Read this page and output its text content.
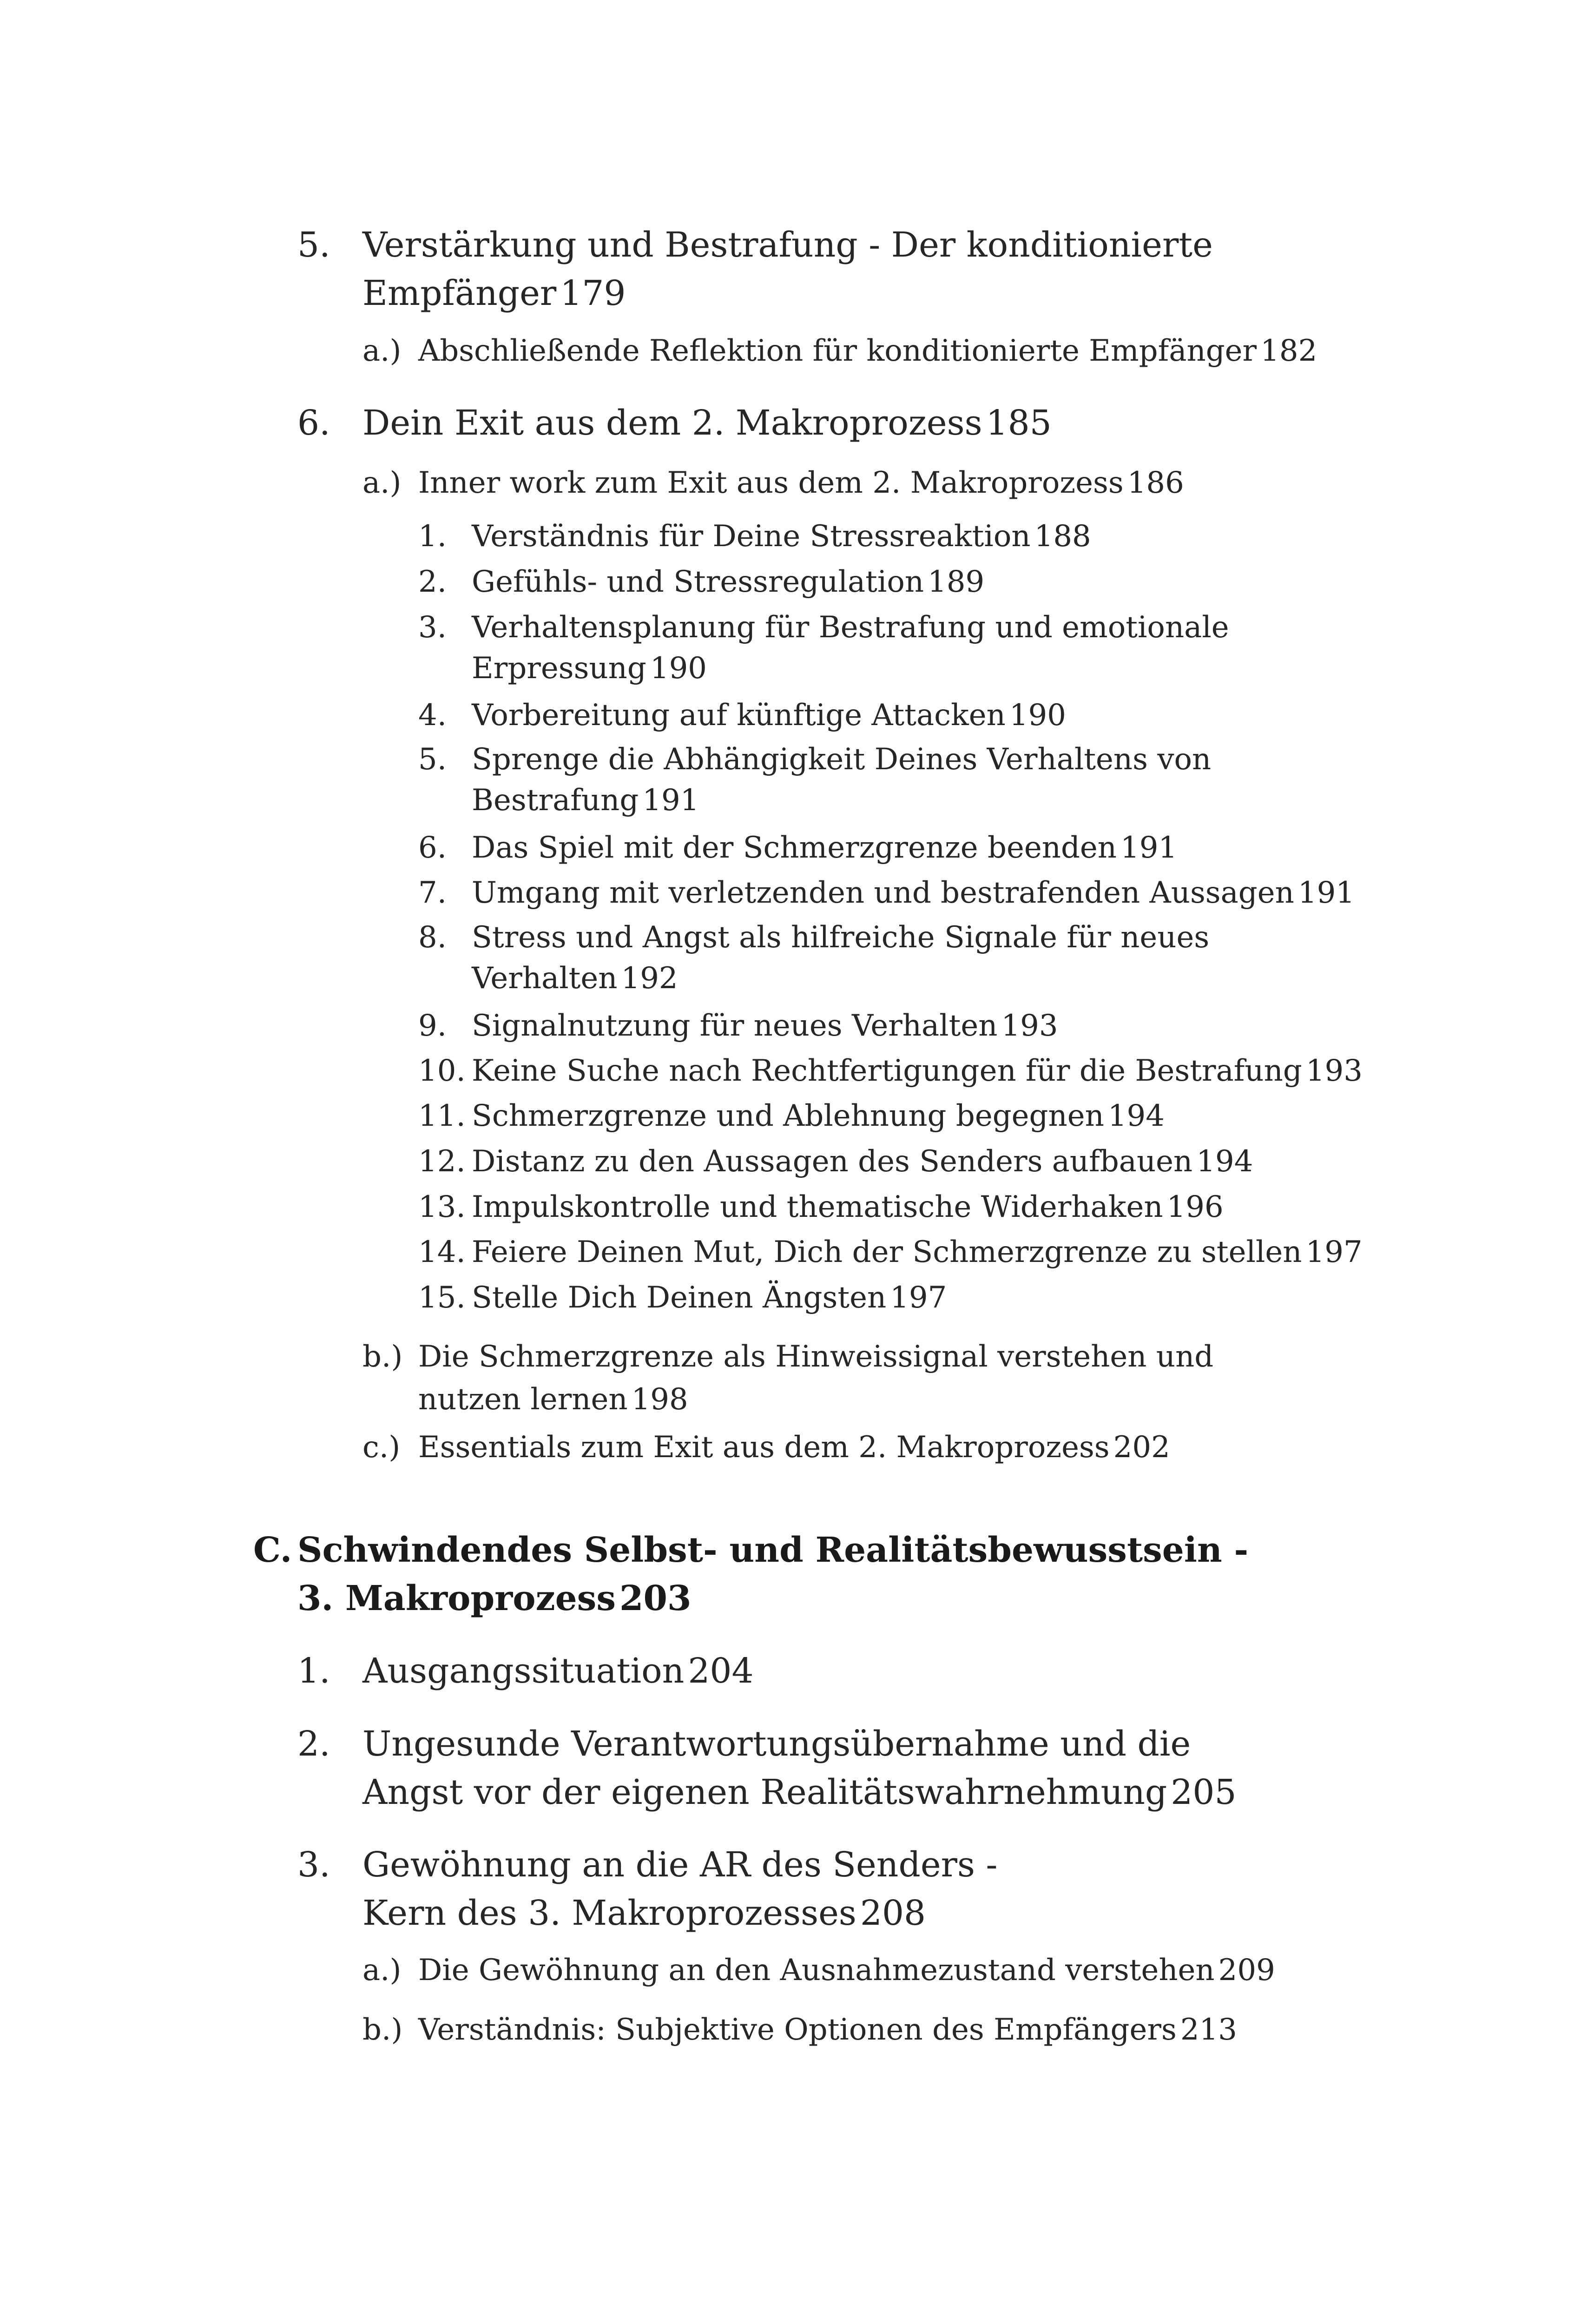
5. Verstärkung und Bestrafung - Der konditionierte
Empfänger 179
a.) Abschließende Reflektion für konditionierte Empfänger 182
6. Dein Exit aus dem 2. Makroprozess 185
a.) Inner work zum Exit aus dem 2. Makroprozess 186
1. Verständnis für Deine Stressreaktion 188
2. Gefühls- und Stressregulation 189
3. Verhaltensplanung für Bestrafung und emotionale
Erpressung 190
4. Vorbereitung auf künftige Attacken 190
5. Sprenge die Abhängigkeit Deines Verhaltens von
Bestrafung 191
6. Das Spiel mit der Schmerzgrenze beenden 191
7. Umgang mit verletzenden und bestrafenden Aussagen 191
8. Stress und Angst als hilfreiche Signale für neues
Verhalten 192
9. Signalnutzung für neues Verhalten 193
10. Keine Suche nach Rechtfertigungen für die Bestrafung 193
11. Schmerzgrenze und Ablehnung begegnen 194
12. Distanz zu den Aussagen des Senders aufbauen 194
13. Impulskontrolle und thematische Widerhaken 196
14. Feiere Deinen Mut, Dich der Schmerzgrenze zu stellen 197
15. Stelle Dich Deinen Ängsten 197
b.) Die Schmerzgrenze als Hinweissignal verstehen und
nutzen lernen 198
c.) Essentials zum Exit aus dem 2. Makroprozess 202
C. Schwindendes Selbst- und Realitätsbewusstsein -
3. Makroprozess 203
1. Ausgangssituation 204
2. Ungesunde Verantwortungsübernahme und die
Angst vor der eigenen Realitätswahrnehmung 205
3. Gewöhnung an die AR des Senders -
Kern des 3. Makroprozesses 208
a.) Die Gewöhnung an den Ausnahmezustand verstehen 209
b.) Verständnis: Subjektive Optionen des Empfängers 213
